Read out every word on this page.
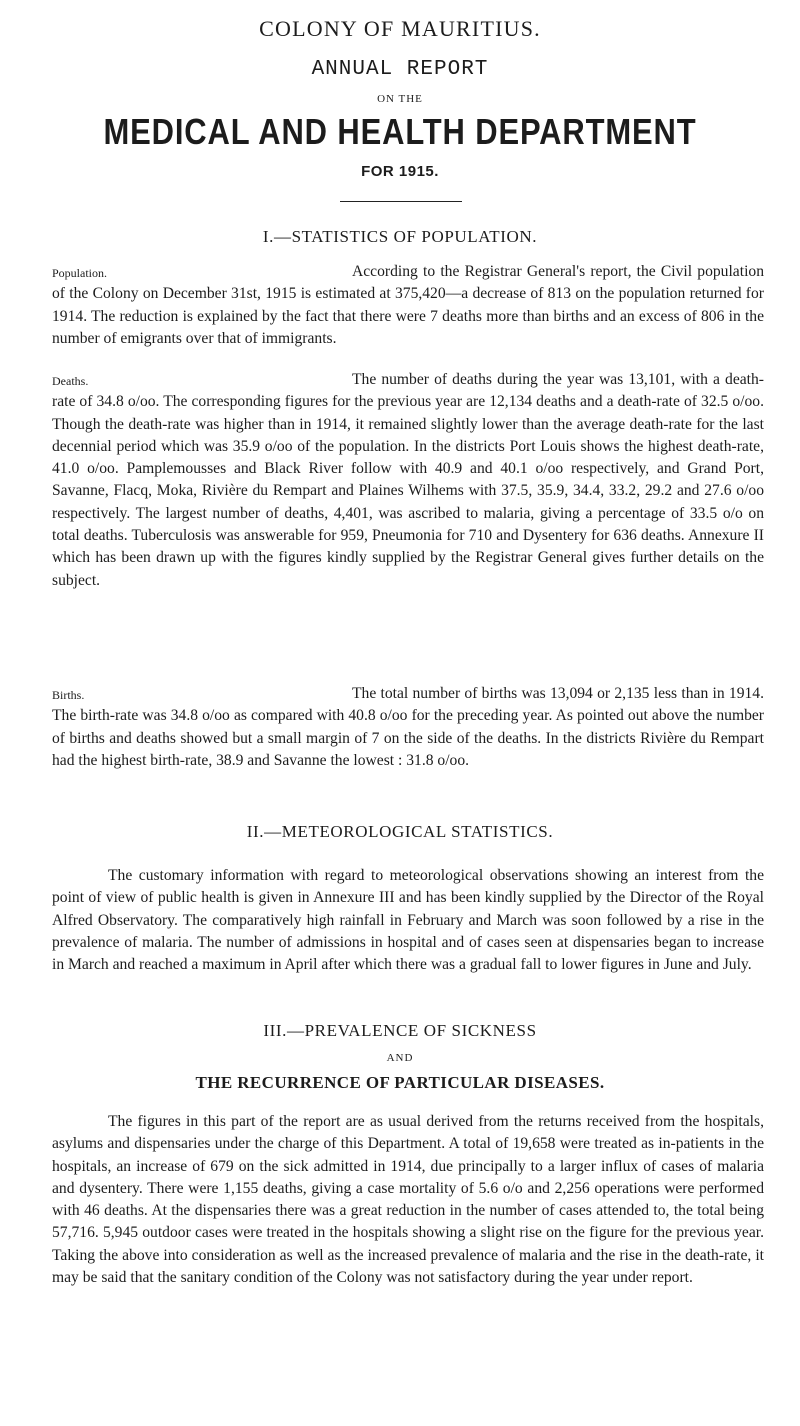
COLONY OF MAURITIUS.
ANNUAL REPORT
ON THE
MEDICAL AND HEALTH DEPARTMENT
FOR 1915.
I.—STATISTICS OF POPULATION.
Population.	According to the Registrar General's report, the Civil population of the Colony on December 31st, 1915 is estimated at 375,420—a decrease of 813 on the population returned for 1914. The reduction is explained by the fact that there were 7 deaths more than births and an excess of 806 in the number of emigrants over that of immigrants.
Deaths.	The number of deaths during the year was 13,101, with a death-rate of 34.8 o/oo. The corresponding figures for the previous year are 12,134 deaths and a death-rate of 32.5 o/oo. Though the death-rate was higher than in 1914, it remained slightly lower than the average death-rate for the last decennial period which was 35.9 o/oo of the population. In the districts Port Louis shows the highest death-rate, 41.0 o/oo. Pamplemousses and Black River follow with 40.9 and 40.1 o/oo respectively, and Grand Port, Savanne, Flacq, Moka, Rivière du Rempart and Plaines Wilhems with 37.5, 35.9, 34.4, 33.2, 29.2 and 27.6 o/oo respectively. The largest number of deaths, 4,401, was ascribed to malaria, giving a percentage of 33.5 o/o on total deaths. Tuberculosis was answerable for 959, Pneumonia for 710 and Dysentery for 636 deaths. Annexure II which has been drawn up with the figures kindly supplied by the Registrar General gives further details on the subject.
Births.	The total number of births was 13,094 or 2,135 less than in 1914. The birth-rate was 34.8 o/oo as compared with 40.8 o/oo for the preceding year. As pointed out above the number of births and deaths showed but a small margin of 7 on the side of the deaths. In the districts Rivière du Rempart had the highest birth-rate, 38.9 and Savanne the lowest : 31.8 o/oo.
II.—METEOROLOGICAL STATISTICS.
The customary information with regard to meteorological observations showing an interest from the point of view of public health is given in Annexure III and has been kindly supplied by the Director of the Royal Alfred Observatory. The comparatively high rainfall in February and March was soon followed by a rise in the prevalence of malaria. The number of admissions in hospital and of cases seen at dispensaries began to increase in March and reached a maximum in April after which there was a gradual fall to lower figures in June and July.
III.—PREVALENCE OF SICKNESS
AND
THE RECURRENCE OF PARTICULAR DISEASES.
The figures in this part of the report are as usual derived from the returns received from the hospitals, asylums and dispensaries under the charge of this Department. A total of 19,658 were treated as in-patients in the hospitals, an increase of 679 on the sick admitted in 1914, due principally to a larger influx of cases of malaria and dysentery. There were 1,155 deaths, giving a case mortality of 5.6 o/o and 2,256 operations were performed with 46 deaths. At the dispensaries there was a great reduction in the number of cases attended to, the total being 57,716. 5,945 outdoor cases were treated in the hospitals showing a slight rise on the figure for the previous year. Taking the above into consideration as well as the increased prevalence of malaria and the rise in the death-rate, it may be said that the sanitary condition of the Colony was not satisfactory during the year under report.
